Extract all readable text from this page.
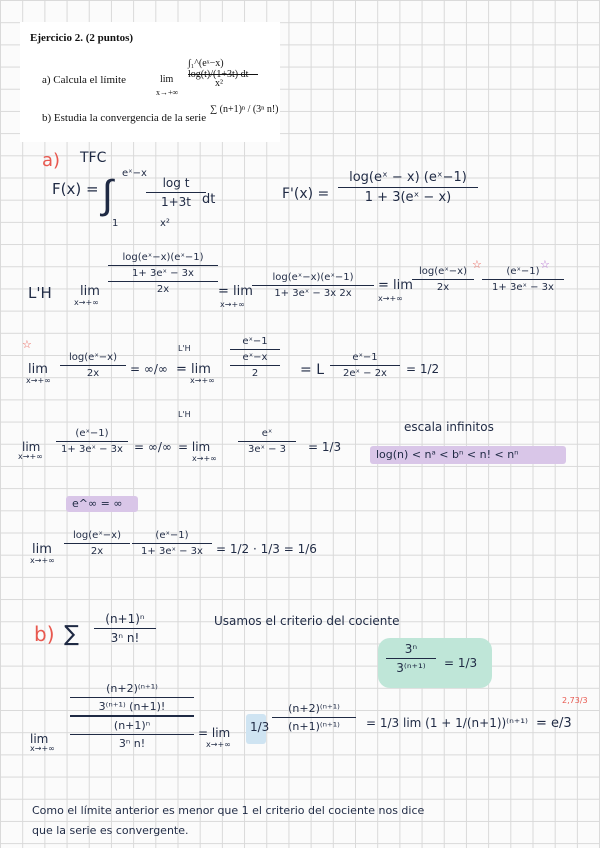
Ejercicio 2. (2 puntos)
a) Calcula el límite	lim
x→+∞
∫₁^(eˣ−x) log(t)/(1+3t) dt
x²
b) Estudia la convergencia de la serie
∑ (n+1)ⁿ / (3ⁿ n!)
a) TFC
F(x) = ∫ eˣ−x
1
log t
1+3t dt
x²
F'(x) =
log(eˣ − x) (eˣ−1)
1 + 3(eˣ − x)
L'H lim
x→+∞
log(eˣ−x)(eˣ−1)
1+ 3eˣ − 3x
2x	= lim
x→+∞
log(eˣ−x)(eˣ−1)
1+ 3eˣ − 3x 2x
= lim
x→+∞
log(eˣ−x)
2x
☆
(eˣ−1)
1+ 3eˣ − 3x
☆
☆
lim
x→+∞
log(eˣ−x)
2x	= ∞/∞
L'H
= lim
x→+∞
eˣ−1
eˣ−x
2	= L
eˣ−1
2eˣ − 2x	= 1/2
lim
x→+∞
(eˣ−1)
1+ 3eˣ − 3x = ∞/∞
L'H
= lim
x→+∞
eˣ
3eˣ − 3	= 1/3
escala infinitos
log(n) < nᵃ < bⁿ < n! < nⁿ
e^∞ = ∞
lim
x→+∞
log(eˣ−x)
2x
(eˣ−1)
1+ 3eˣ − 3x	= 1/2 · 1/3 = 1/6
b) ∑
(n+1)ⁿ
3ⁿ n!
Usamos el criterio del cociente
3ⁿ
3⁽ⁿ⁺¹⁾	= 1/3
lim
x→+∞
(n+2)⁽ⁿ⁺¹⁾
3⁽ⁿ⁺¹⁾ (n+1)!
(n+1)ⁿ
3ⁿ n!
= lim
x→+∞
1/3
(n+2)⁽ⁿ⁺¹⁾
(n+1)⁽ⁿ⁺¹⁾	= 1/3 lim (1 + 1/(n+1))⁽ⁿ⁺¹⁾ = e/3
2,73/3
Como el límite anterior es menor que 1 el criterio del cociente nos dice
que la serie es convergente.
